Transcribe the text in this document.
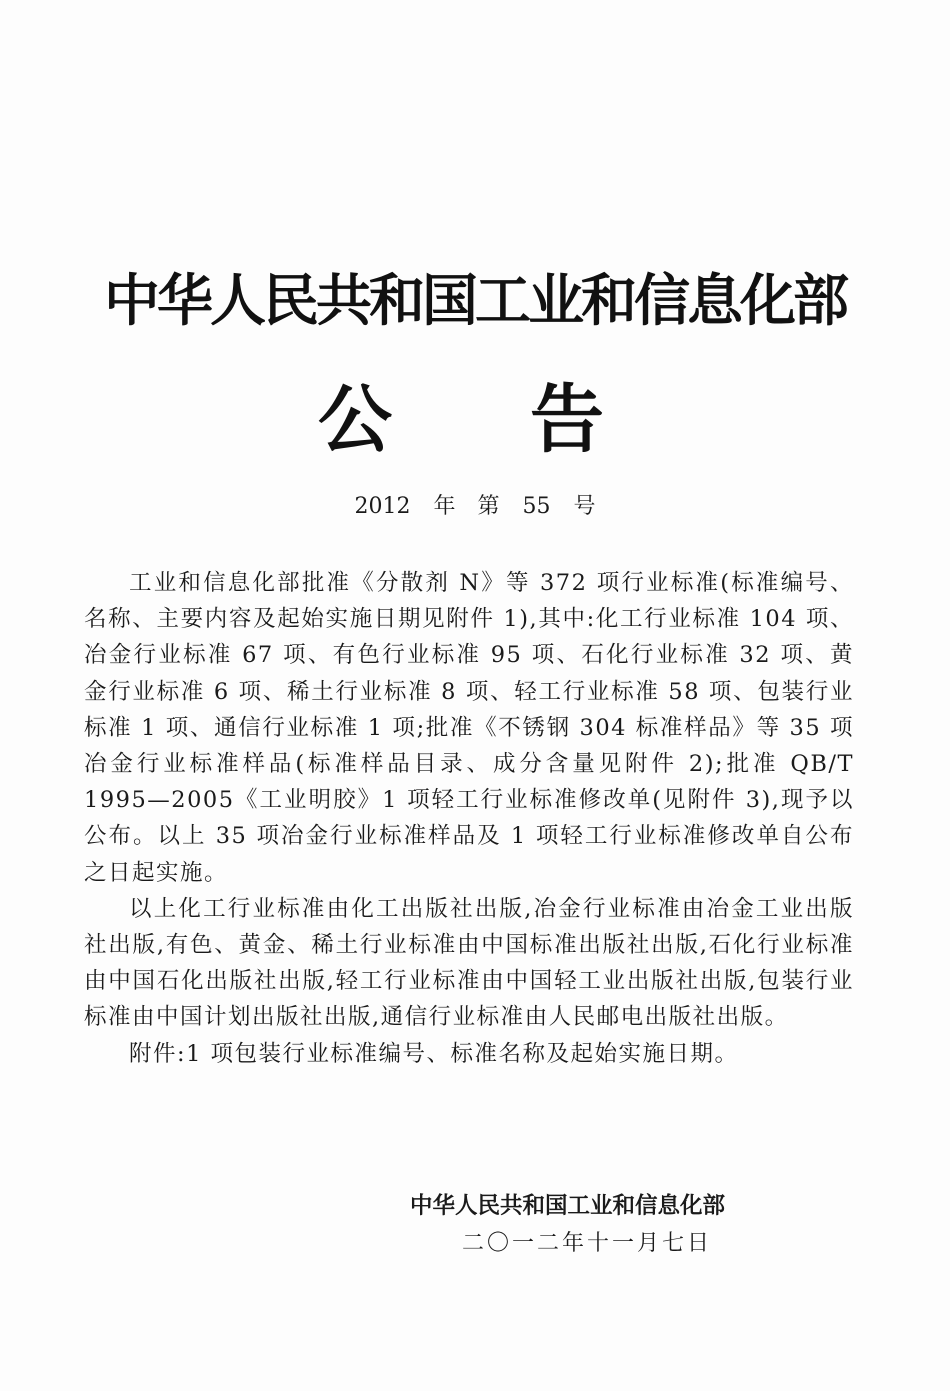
中华人民共和国工业和信息化部
公 告
2012 年　第 55 号

工业和信息化部批准《分散剂 N》等 372 项行业标准(标准编号、名称、主要内容及起始实施日期见附件 1),其中:化工行业标准 104 项、冶金行业标准 67 项、有色行业标准 95 项、石化行业标准 32 项、黄金行业标准 6 项、稀土行业标准 8 项、轻工行业标准 58 项、包装行业标准 1 项、通信行业标准 1 项;批准《不锈钢 304 标准样品》等 35 项冶金行业标准样品(标准样品目录、成分含量见附件 2);批准 QB/T 1995—2005《工业明胶》1 项轻工行业标准修改单(见附件 3),现予以公布。以上 35 项冶金行业标准样品及 1 项轻工行业标准修改单自公布之日起实施。

以上化工行业标准由化工出版社出版,冶金行业标准由冶金工业出版社出版,有色、黄金、稀土行业标准由中国标准出版社出版,石化行业标准由中国石化出版社出版,轻工行业标准由中国轻工业出版社出版,包装行业标准由中国计划出版社出版,通信行业标准由人民邮电出版社出版。

附件:1 项包装行业标准编号、标准名称及起始实施日期。

中华人民共和国工业和信息化部
二〇一二年十一月七日
